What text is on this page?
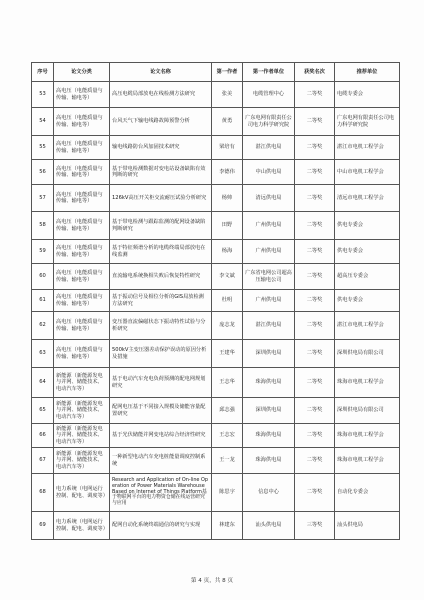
序号	论文分类	论文名称	第一作者	第一作者单位	获奖名次	推荐单位
53	高电压（电能质量与传输、输电等）	高压电缆局部放电在线检测方法研究	张美	电缆管理中心	二等奖	电缆专委会
54	高电压（电能质量与传输、输电等）	台风天气下输电线路故障预警分析	黄勇	广东电网有限责任公司电力科学研究院	二等奖	广东电网有限责任公司电力科学研究院
55	高电压（电能质量与传输、输电等）	输电线路防台风加固技术研究	梁培有	湛江供电局	二等奖	湛江市电机工程学会
56	高电压（电能质量与传输、输电等）	基于带电检测数据对变电站设备缺陷有效判断的研究	李德伟	中山供电局	二等奖	中山市电机工程学会
57	高电压（电能质量与传输、输电等）	126kV高压开关柜交流耐压试验分析研究	杨帅	清远供电局	二等奖	清远市电机工程学会
58	高电压（电能质量与传输、输电等）	基于带电检测与跟踪监测的配网设备缺陷判断研究	田野	广州供电局	二等奖	供电专委会
59	高电压（电能质量与传输、输电等）	基于特征频谱分析的电缆终端局部放电在线监测	杨海	广州供电局	二等奖	供电专委会
60	高电压（电能质量与传输、输电等）	直流输电系统换相失败后恢复特性研究	李文斌	广东省电网公司超高压输电公司	二等奖	超高压专委会
61	高电压（电能质量与传输、输电等）	基于振动信号及相位分析的GIS局放检测方法研究	杜明	广州供电局	二等奖	供电专委会
62	高电压（电能质量与传输、输电等）	变压器直流偏磁状态下振动特性试验与分析研究	庞志龙	湛江供电局	二等奖	湛江市电机工程学会
63	高电压（电能质量与传输、输电等）	500kV主变压器差动保护误动的原因分析及措施	王建华	深圳供电局	二等奖	深圳供电局有限公司
64	新能源（新能源发电与并网、储能技术、电动汽车等）	基于电动汽车充电负荷预测的配电网规划研究	王志华	珠海供电局	二等奖	珠海市电机工程学会
65	新能源（新能源发电与并网、储能技术、电动汽车等）	配网电压基于不同接入规模及储能容量配置研究	邱志强	深圳供电局	二等奖	深圳供电局有限公司
66	新能源（新能源发电与并网、储能技术、电动汽车等）	基于光伏储能并网变电站综合经济性研究	王志宏	珠海供电局	二等奖	珠海市电机工程学会
67	新能源（新能源发电与并网、储能技术、电动汽车等）	一种新型电动汽车充电桩能量调度控制系统	王一龙	珠海供电局	二等奖	珠海市电机工程学会
68	电力系统（电网运行控制、配电、调度等）	Research and Application of On-line Operation of Power Materials Warehouse Based on Internet of Things Platform基于物联网平台的电力物资仓储在线运营研究与应用	陈思宇	信息中心	二等奖	自动化专委会
69	电力系统（电网运行控制、配电、调度等）	配网自动化系统终端通信的研究与实现	林建东	汕头供电局	三等奖	汕头供电局
第 4 页，共 8 页
